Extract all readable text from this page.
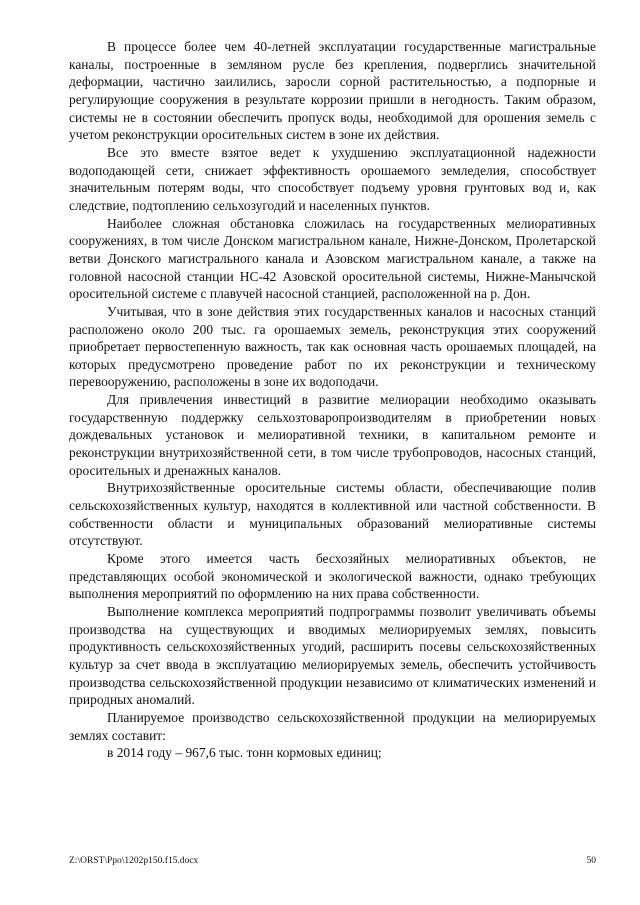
В процессе более чем 40-летней эксплуатации государственные магистральные каналы, построенные в земляном русле без крепления, подверглись значительной деформации, частично заилились, заросли сорной растительностью, а подпорные и регулирующие сооружения в результате коррозии пришли в негодность. Таким образом, системы не в состоянии обеспечить пропуск воды, необходимой для орошения земель с учетом реконструкции оросительных систем в зоне их действия.

Все это вместе взятое ведет к ухудшению эксплуатационной надежности водоподающей сети, снижает эффективность орошаемого земледелия, способствует значительным потерям воды, что способствует подъему уровня грунтовых вод и, как следствие, подтоплению сельхозугодий и населенных пунктов.

Наиболее сложная обстановка сложилась на государственных мелиоративных сооружениях, в том числе Донском магистральном канале, Нижне-Донском, Пролетарской ветви Донского магистрального канала и Азовском магистральном канале, а также на головной насосной станции НС-42 Азовской оросительной системы, Нижне-Манычской оросительной системе с плавучей насосной станцией, расположенной на р. Дон.

Учитывая, что в зоне действия этих государственных каналов и насосных станций расположено около 200 тыс. га орошаемых земель, реконструкция этих сооружений приобретает первостепенную важность, так как основная часть орошаемых площадей, на которых предусмотрено проведение работ по их реконструкции и техническому перевооружению, расположены в зоне их водоподачи.

Для привлечения инвестиций в развитие мелиорации необходимо оказывать государственную поддержку сельхозтоваропроизводителям в приобретении новых дождевальных установок и мелиоративной техники, в капитальном ремонте и реконструкции внутрихозяйственной сети, в том числе трубопроводов, насосных станций, оросительных и дренажных каналов.

Внутрихозяйственные оросительные системы области, обеспечивающие полив сельскохозяйственных культур, находятся в коллективной или частной собственности. В собственности области и муниципальных образований мелиоративные системы отсутствуют.

Кроме этого имеется часть бесхозяйных мелиоративных объектов, не представляющих особой экономической и экологической важности, однако требующих выполнения мероприятий по оформлению на них права собственности.

Выполнение комплекса мероприятий подпрограммы позволит увеличивать объемы производства на существующих и вводимых мелиорируемых землях, повысить продуктивность сельскохозяйственных угодий, расширить посевы сельскохозяйственных культур за счет ввода в эксплуатацию мелиорируемых земель, обеспечить устойчивость производства сельскохозяйственной продукции независимо от климатических изменений и природных аномалий.

Планируемое производство сельскохозяйственной продукции на мелиорируемых землях составит:

в 2014 году – 967,6 тыс. тонн кормовых единиц;

Z:\ORST\Ppo\1202p150.f15.docx	50
